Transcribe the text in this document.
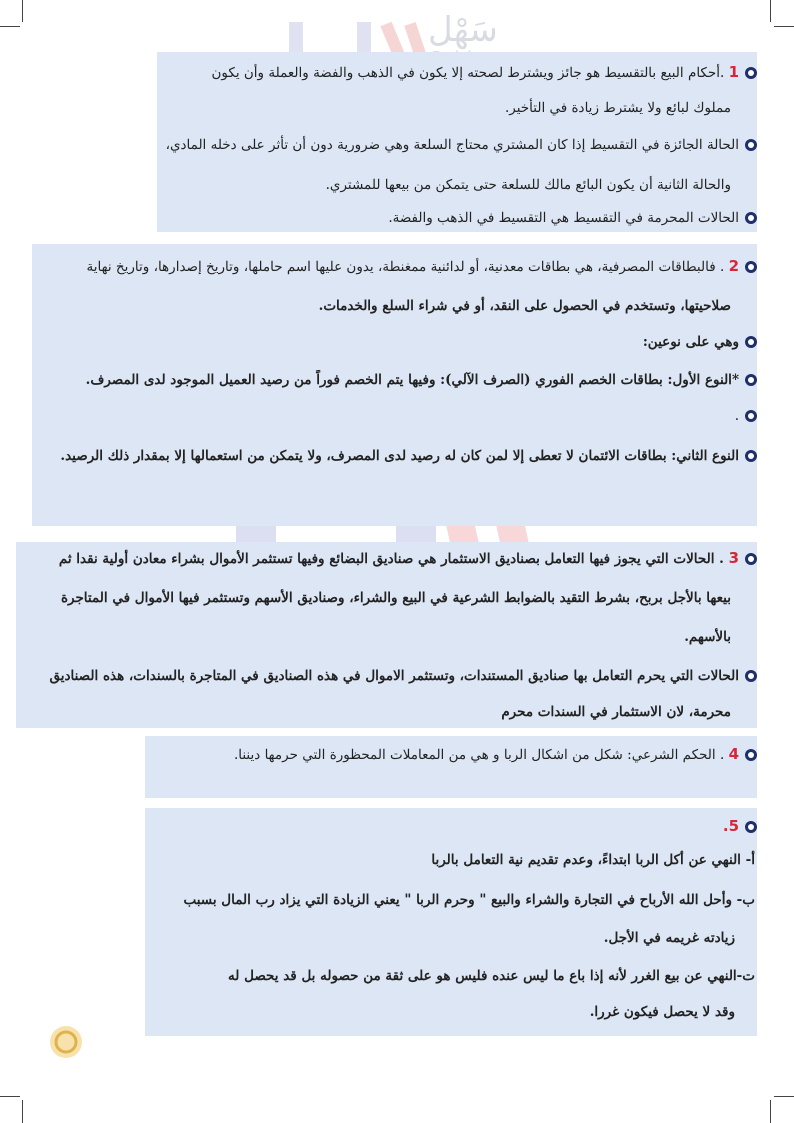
سَهْل
1 .أحكام البيع بالتقسيط هو جائز ويشترط لصحته إلا يكون في الذهب والفضة والعملة وأن يكون
مملوك لبائع ولا يشترط زيادة في التأخير.
الحالة الجائزة في التقسيط إذا كان المشتري محتاج السلعة وهي ضرورية دون أن تأثر على دخله المادي،
والحالة الثانية أن يكون البائع مالك للسلعة حتى يتمكن من بيعها للمشتري.
الحالات المحرمة في التقسيط هي التقسيط في الذهب والفضة.
2 . فالبطاقات المصرفية، هي بطاقات معدنية، أو لدائنية ممغنطة، يدون عليها اسم حاملها، وتاريخ إصدارها، وتاريخ نهاية
صلاحيتها، وتستخدم في الحصول على النقد، أو في شراء السلع والخدمات.
وهي على نوعين:
*النوع الأول: بطاقات الخصم الفوري (الصرف الآلي): وفيها يتم الخصم فوراً من رصيد العميل الموجود لدى المصرف.
.
النوع الثاني: بطاقات الائتمان لا تعطى إلا لمن كان له رصيد لدى المصرف، ولا يتمكن من استعمالها إلا بمقدار ذلك الرصيد.
3 . الحالات التي يجوز فيها التعامل بصناديق الاستثمار هي صناديق البضائع وفيها تستثمر الأموال بشراء معادن أولية نقدا ثم
بيعها بالأجل بربح، بشرط التقيد بالضوابط الشرعية في البيع والشراء، وصناديق الأسهم وتستثمر فيها الأموال في المتاجرة
بالأسهم.
الحالات التي يحرم التعامل بها صناديق المستندات، وتستثمر الاموال في هذه الصناديق في المتاجرة بالسندات، هذه الصناديق
محرمة، لان الاستثمار في السندات محرم
4 . الحكم الشرعي: شكل من اشكال الربا و هي من المعاملات المحظورة التي حرمها ديننا.
5.
أ- النهي عن أكل الربا ابتداءً، وعدم تقديم نية التعامل بالربا
ب- وأحل الله الأرباح في التجارة والشراء والبيع " وحرم الربا " يعني الزيادة التي يزاد رب المال بسبب
زيادته غريمه في الأجل.
ت-النهي عن بيع الغرر لأنه إذا باع ما ليس عنده فليس هو على ثقة من حصوله بل قد يحصل له
وقد لا يحصل فيكون غررا.
